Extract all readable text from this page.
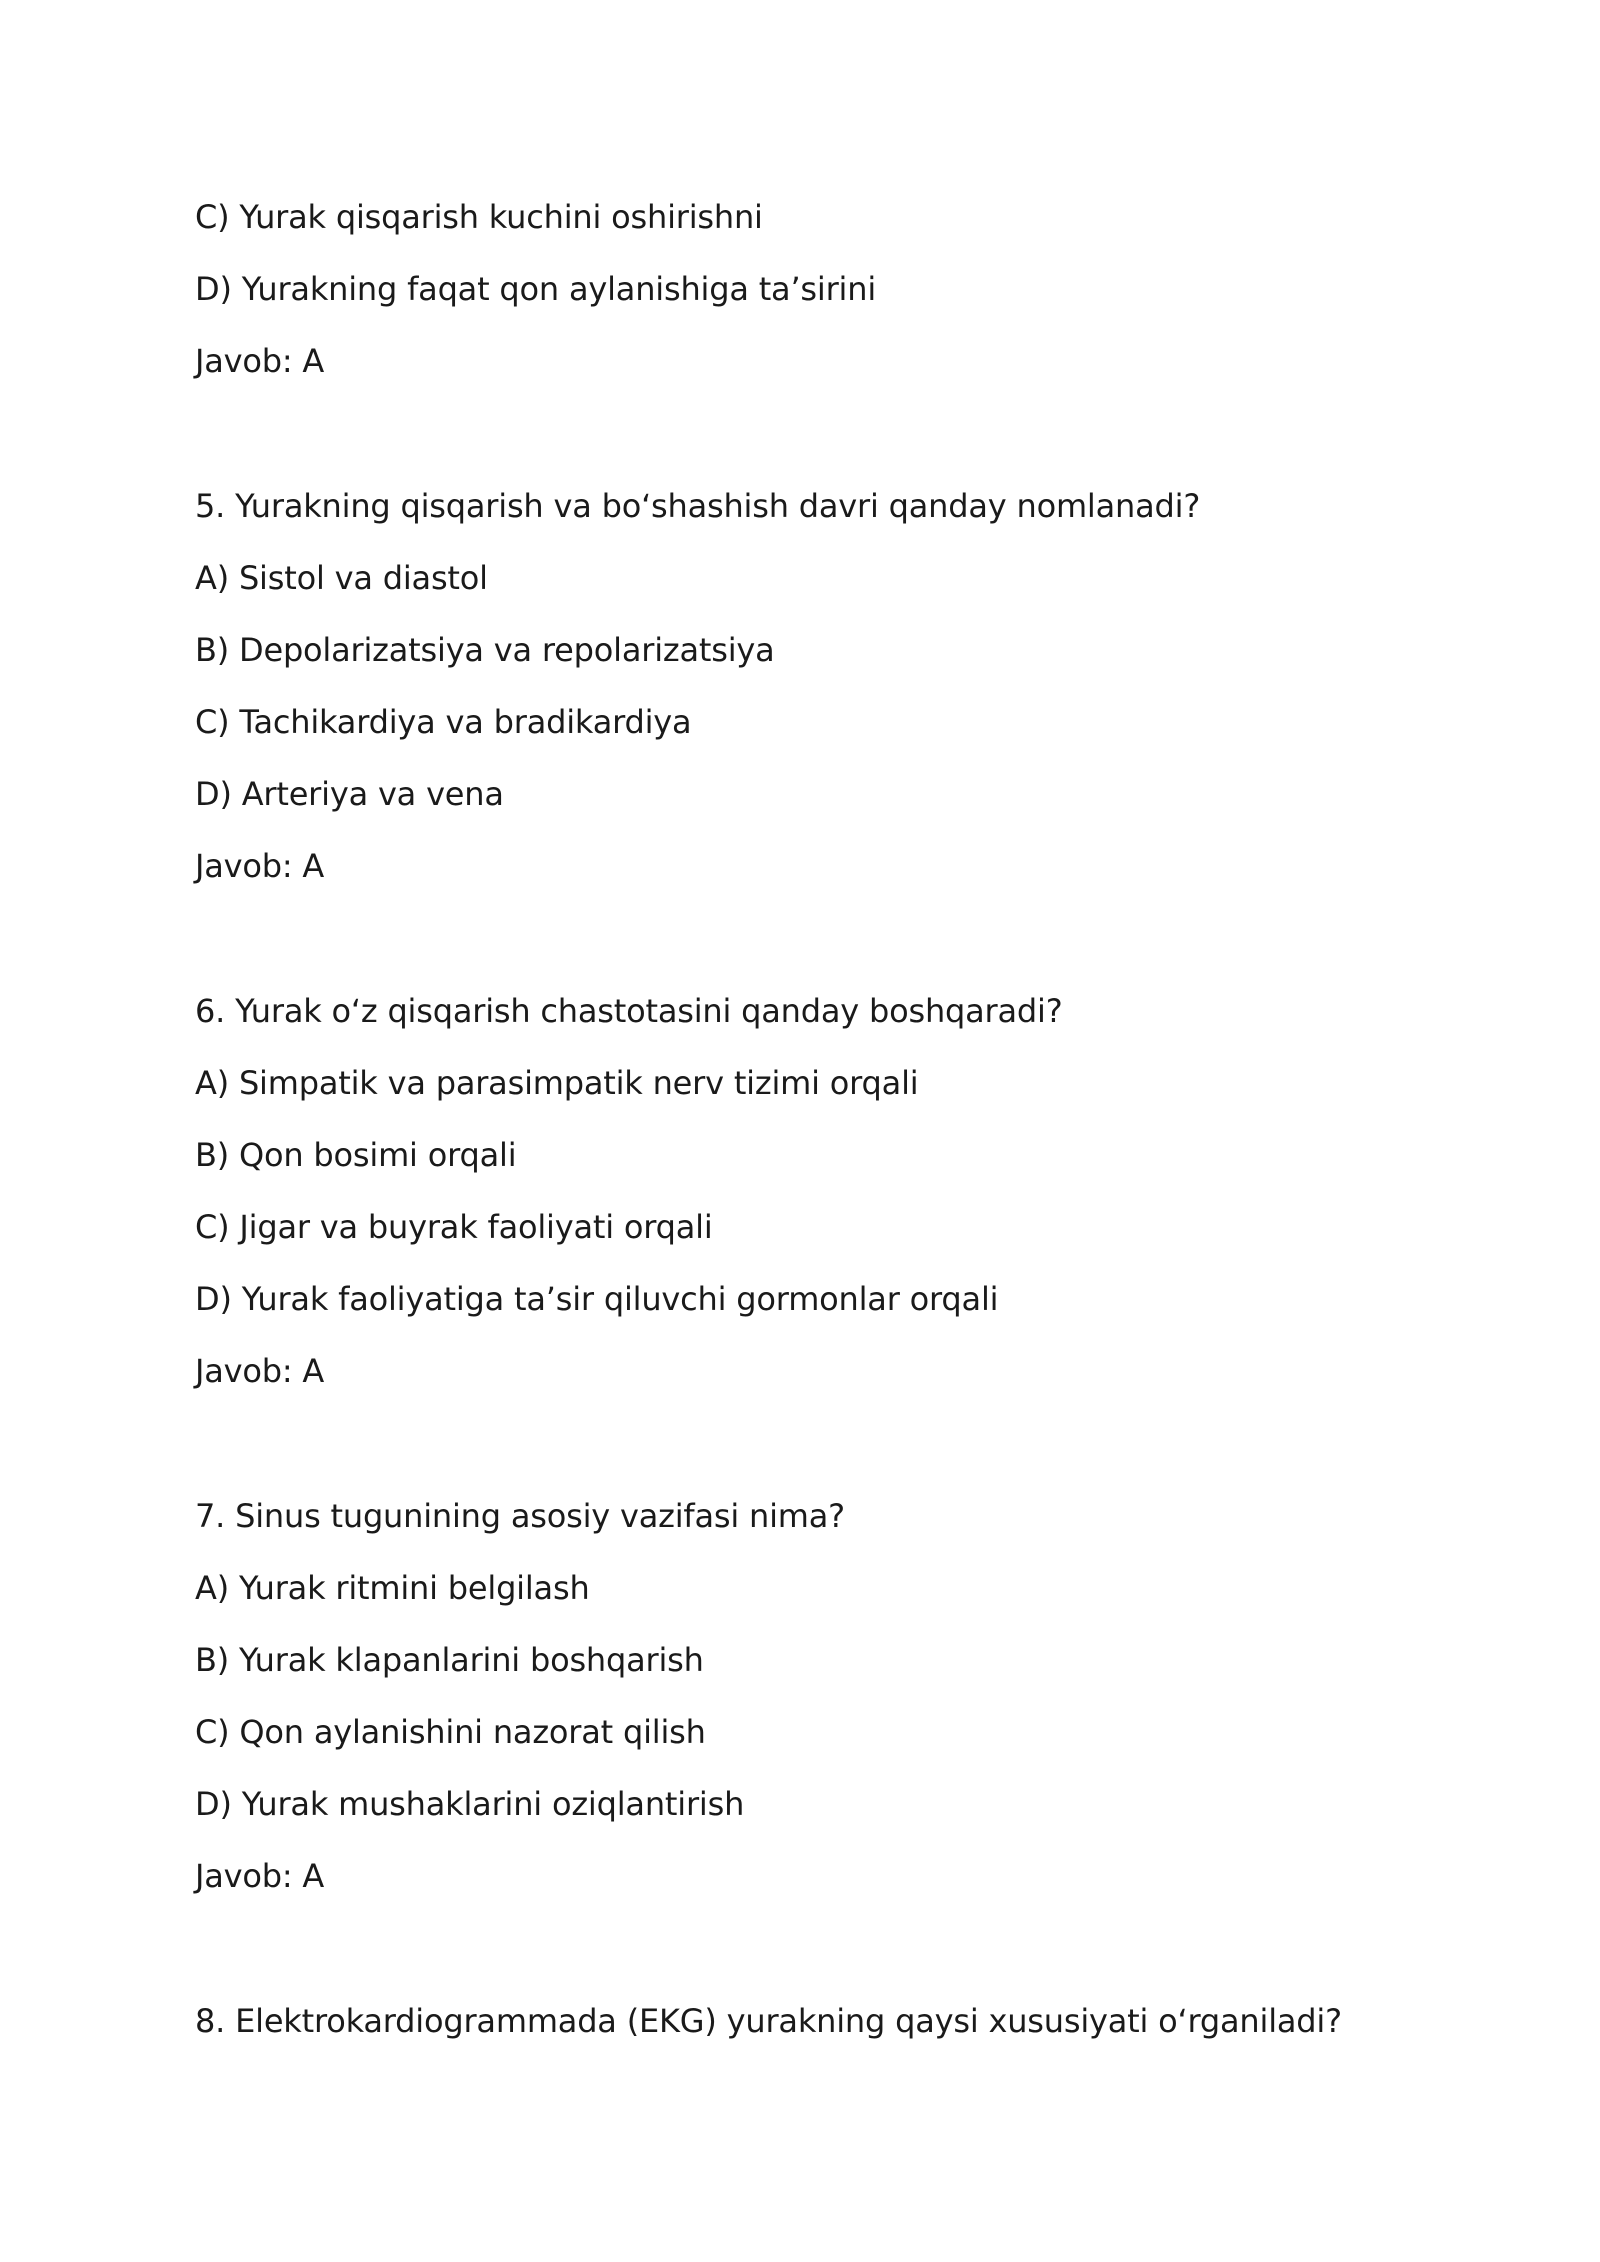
C) Yurak qisqarish kuchini oshirishni
D) Yurakning faqat qon aylanishiga ta’sirini
Javob: A
5. Yurakning qisqarish va bo‘shashish davri qanday nomlanadi?
A) Sistol va diastol
B) Depolarizatsiya va repolarizatsiya
C) Tachikardiya va bradikardiya
D) Arteriya va vena
Javob: A
6. Yurak o‘z qisqarish chastotasini qanday boshqaradi?
A) Simpatik va parasimpatik nerv tizimi orqali
B) Qon bosimi orqali
C) Jigar va buyrak faoliyati orqali
D) Yurak faoliyatiga ta’sir qiluvchi gormonlar orqali
Javob: A
7. Sinus tugunining asosiy vazifasi nima?
A) Yurak ritmini belgilash
B) Yurak klapanlarini boshqarish
C) Qon aylanishini nazorat qilish
D) Yurak mushaklarini oziqlantirish
Javob: A
8. Elektrokardiogrammada (EKG) yurakning qaysi xususiyati o‘rganiladi?
